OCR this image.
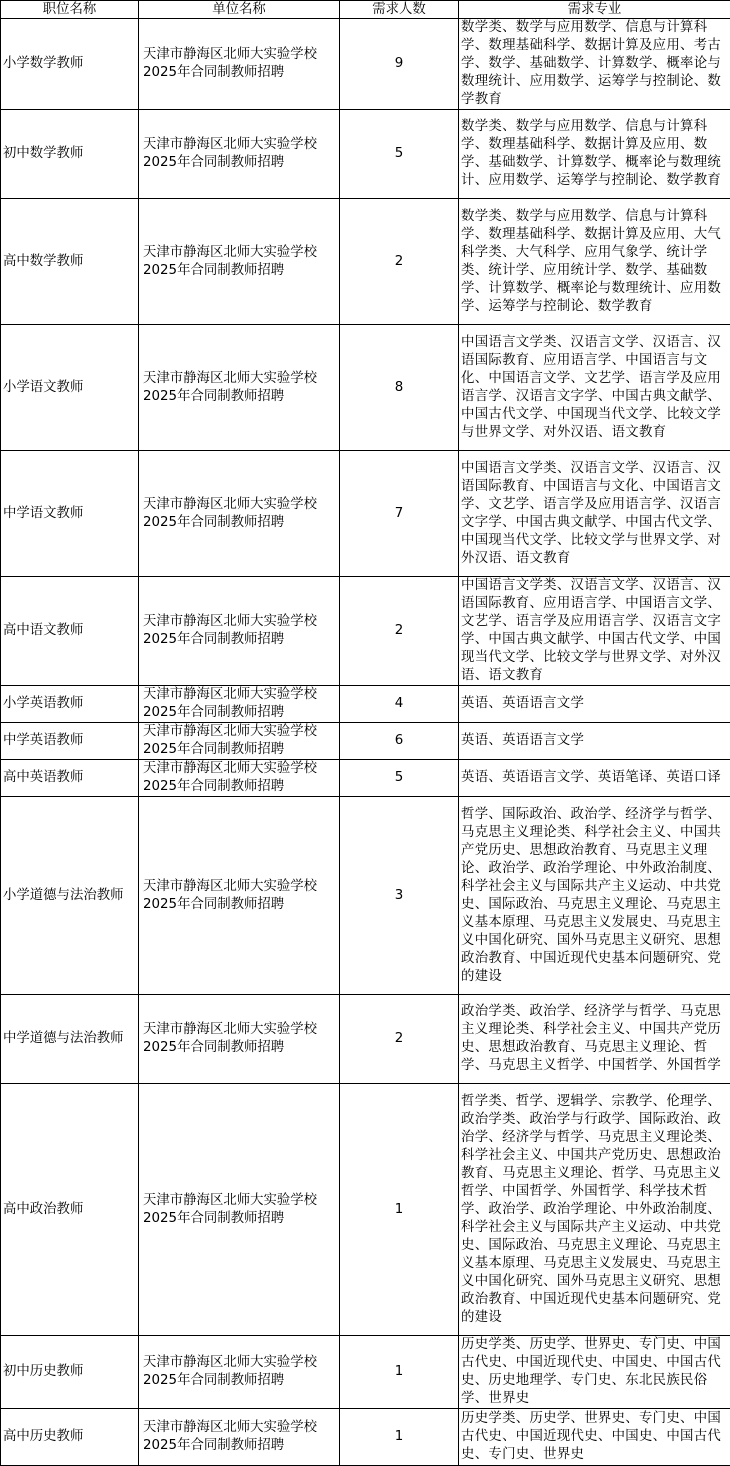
职位名称	单位名称	需求人数	需求专业
小学数学教师	天津市静海区北师大实验学校2025年合同制教师招聘	9	数学类、数学与应用数学、信息与计算科学、数理基础科学、数据计算及应用、考古学、数学、基础数学、计算数学、概率论与数理统计、应用数学、运筹学与控制论、数学教育
初中数学教师	天津市静海区北师大实验学校2025年合同制教师招聘	5	数学类、数学与应用数学、信息与计算科学、数理基础科学、数据计算及应用、数学、基础数学、计算数学、概率论与数理统计、应用数学、运筹学与控制论、数学教育
高中数学教师	天津市静海区北师大实验学校2025年合同制教师招聘	2	数学类、数学与应用数学、信息与计算科学、数理基础科学、数据计算及应用、大气科学类、大气科学、应用气象学、统计学类、统计学、应用统计学、数学、基础数学、计算数学、概率论与数理统计、应用数学、运筹学与控制论、数学教育
小学语文教师	天津市静海区北师大实验学校2025年合同制教师招聘	8	中国语言文学类、汉语言文学、汉语言、汉语国际教育、应用语言学、中国语言与文化、中国语言文学、文艺学、语言学及应用语言学、汉语言文字学、中国古典文献学、中国古代文学、中国现当代文学、比较文学与世界文学、对外汉语、语文教育
中学语文教师	天津市静海区北师大实验学校2025年合同制教师招聘	7	中国语言文学类、汉语言文学、汉语言、汉语国际教育、中国语言与文化、中国语言文学、文艺学、语言学及应用语言学、汉语言文字学、中国古典文献学、中国古代文学、中国现当代文学、比较文学与世界文学、对外汉语、语文教育
高中语文教师	天津市静海区北师大实验学校2025年合同制教师招聘	2	中国语言文学类、汉语言文学、汉语言、汉语国际教育、应用语言学、中国语言文学、文艺学、语言学及应用语言学、汉语言文字学、中国古典文献学、中国古代文学、中国现当代文学、比较文学与世界文学、对外汉语、语文教育
小学英语教师	天津市静海区北师大实验学校2025年合同制教师招聘	4	英语、英语语言文学
中学英语教师	天津市静海区北师大实验学校2025年合同制教师招聘	6	英语、英语语言文学
高中英语教师	天津市静海区北师大实验学校2025年合同制教师招聘	5	英语、英语语言文学、英语笔译、英语口译
小学道德与法治教师	天津市静海区北师大实验学校2025年合同制教师招聘	3	哲学、国际政治、政治学、经济学与哲学、马克思主义理论类、科学社会主义、中国共产党历史、思想政治教育、马克思主义理论、政治学、政治学理论、中外政治制度、科学社会主义与国际共产主义运动、中共党史、国际政治、马克思主义理论、马克思主义基本原理、马克思主义发展史、马克思主义中国化研究、国外马克思主义研究、思想政治教育、中国近现代史基本问题研究、党的建设
中学道德与法治教师	天津市静海区北师大实验学校2025年合同制教师招聘	2	政治学类、政治学、经济学与哲学、马克思主义理论类、科学社会主义、中国共产党历史、思想政治教育、马克思主义理论、哲学、马克思主义哲学、中国哲学、外国哲学
高中政治教师	天津市静海区北师大实验学校2025年合同制教师招聘	1	哲学类、哲学、逻辑学、宗教学、伦理学、政治学类、政治学与行政学、国际政治、政治学、经济学与哲学、马克思主义理论类、科学社会主义、中国共产党历史、思想政治教育、马克思主义理论、哲学、马克思主义哲学、中国哲学、外国哲学、科学技术哲学、政治学、政治学理论、中外政治制度、科学社会主义与国际共产主义运动、中共党史、国际政治、马克思主义理论、马克思主义基本原理、马克思主义发展史、马克思主义中国化研究、国外马克思主义研究、思想政治教育、中国近现代史基本问题研究、党的建设
初中历史教师	天津市静海区北师大实验学校2025年合同制教师招聘	1	历史学类、历史学、世界史、专门史、中国古代史、中国近现代史、中国史、中国古代史、历史地理学、专门史、东北民族民俗学、世界史
高中历史教师	天津市静海区北师大实验学校2025年合同制教师招聘	1	历史学类、历史学、世界史、专门史、中国古代史、中国近现代史、中国史、中国古代史、专门史、世界史
